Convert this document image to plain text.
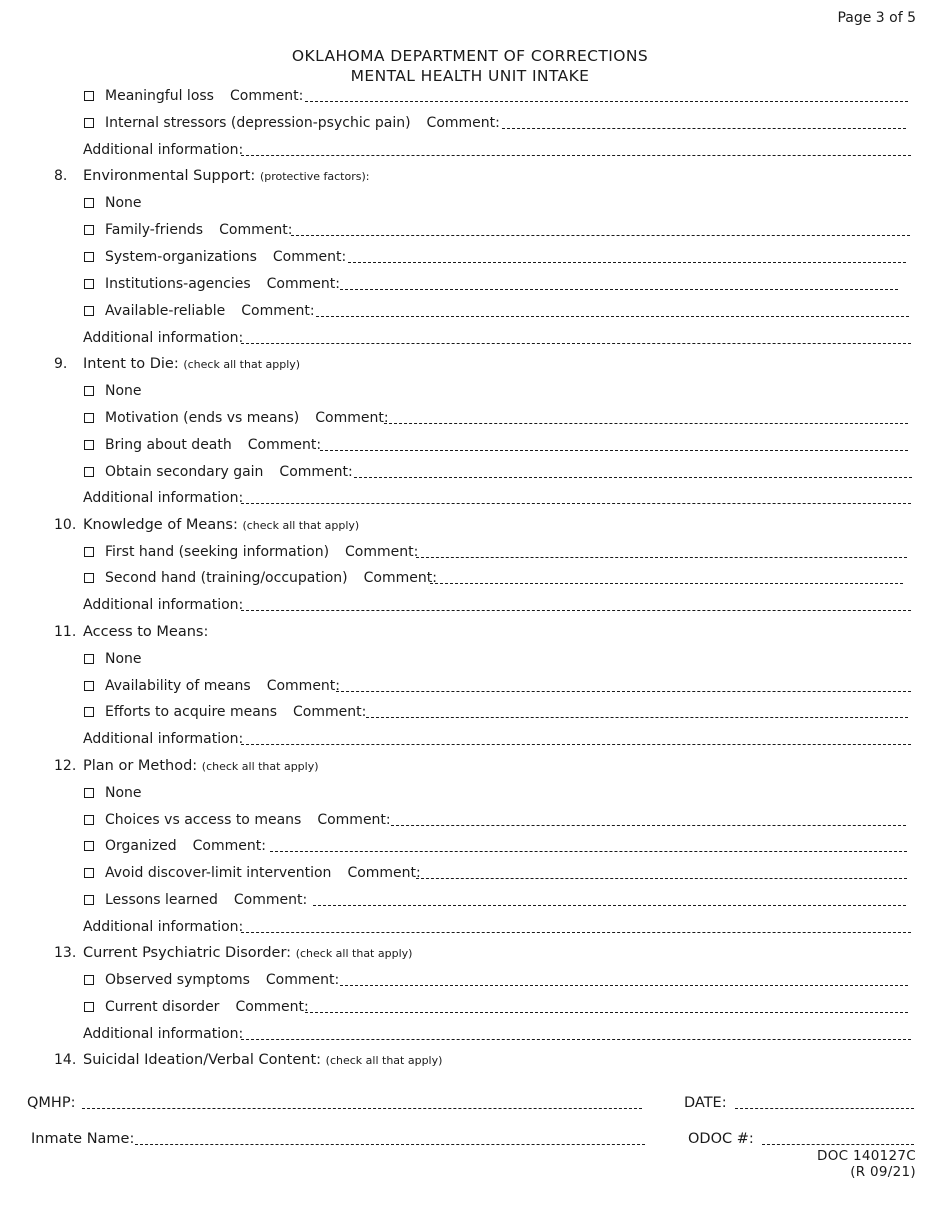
Page 3 of 5
OKLAHOMA DEPARTMENT OF CORRECTIONS
MENTAL HEALTH UNIT INTAKE
Meaningful loss Comment:
Internal stressors (depression-psychic pain) Comment:
Additional information:
8. Environmental Support: (protective factors):
None
Family-friends Comment:
System-organizations Comment:
Institutions-agencies Comment:
Available-reliable Comment:
Additional information:
9. Intent to Die: (check all that apply)
None
Motivation (ends vs means) Comment:
Bring about death Comment:
Obtain secondary gain Comment:
Additional information:
10. Knowledge of Means: (check all that apply)
First hand (seeking information) Comment:
Second hand (training/occupation) Comment:
Additional information:
11. Access to Means:
None
Availability of means Comment:
Efforts to acquire means Comment:
Additional information:
12. Plan or Method: (check all that apply)
None
Choices vs access to means Comment:
Organized Comment:
Avoid discover-limit intervention Comment:
Lessons learned Comment:
Additional information:
13. Current Psychiatric Disorder: (check all that apply)
Observed symptoms Comment:
Current disorder Comment:
Additional information:
14. Suicidal Ideation/Verbal Content: (check all that apply)
QMHP:	DATE:
Inmate Name:	ODOC #:
DOC 140127C
(R 09/21)
